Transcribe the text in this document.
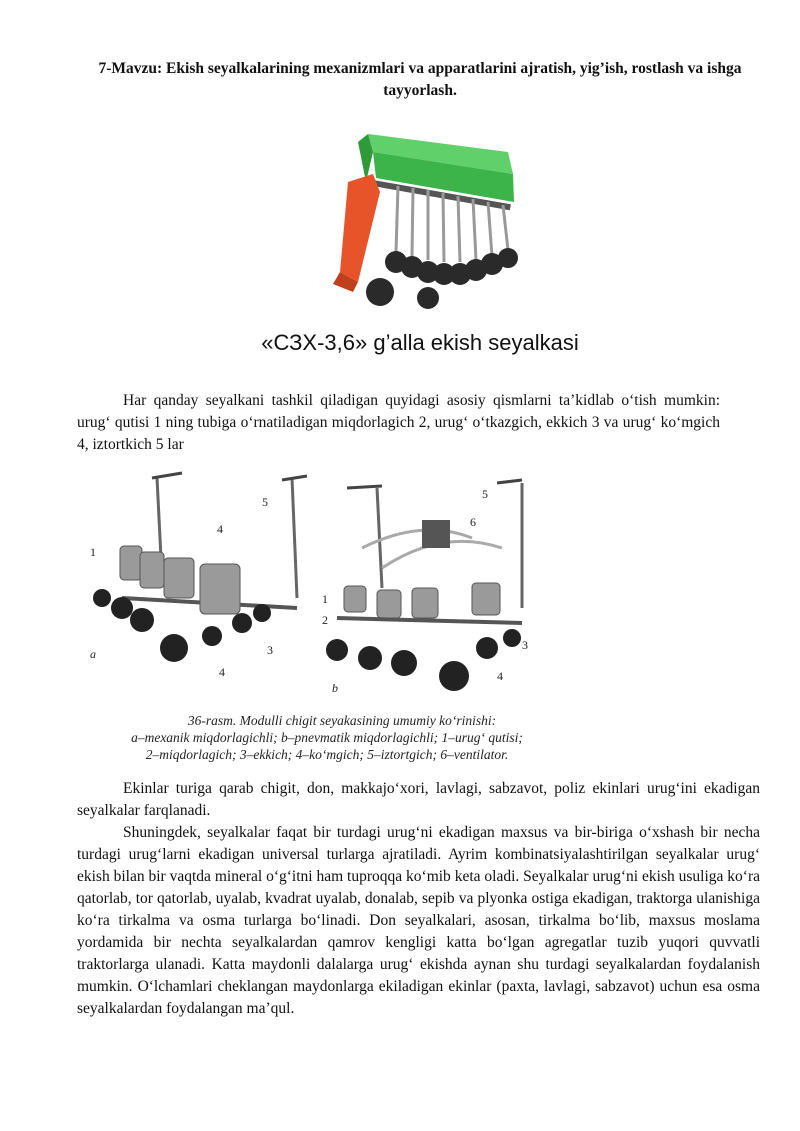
7-Mavzu: Ekish seyalkalarining mexanizmlari va apparatlarini ajratish, yig’ish, rostlash va ishga tayyorlash.
«СЗХ-3,6» g’alla ekish seyalkasi
Har qanday seyalkani tashkil qiladigan quyidagi asosiy qismlarni ta’kidlab o‘tish mumkin: urug‘ qutisi 1 ning tubiga o‘rnatiladigan miqdorlagich 2, urug‘ o‘tkazgich, ekkich 3 va urug‘ ko‘mgich 4, iztortkich 5 lar
1
5
4
3
4
a
5
6
1
2
3
4
b
36-rasm. Modulli chigit seyakasining umumiy ko‘rinishi:
a–mexanik miqdorlagichli; b–pnevmatik miqdorlagichli; 1–urug‘ qutisi;
2–miqdorlagich; 3–ekkich; 4–ko‘mgich; 5–iztortgich; 6–ventilator.

Ekinlar turiga qarab chigit, don, makkajo‘xori, lavlagi, sabzavot, poliz ekinlari urug‘ini ekadigan seyalkalar farqlanadi.

Shuningdek, seyalkalar faqat bir turdagi urug‘ni ekadigan maxsus va bir-biriga o‘xshash bir necha turdagi urug‘larni ekadigan universal turlarga ajratiladi. Ayrim kombinatsiyalashtirilgan seyalkalar urug‘ ekish bilan bir vaqtda mineral o‘g‘itni ham tuproqqa ko‘mib keta oladi. Seyalkalar urug‘ni ekish usuliga ko‘ra qatorlab, tor qatorlab, uyalab, kvadrat uyalab, donalab, sepib va plyonka ostiga ekadigan, traktorga ulanishiga ko‘ra tirkalma va osma turlarga bo‘linadi. Don seyalkalari, asosan, tirkalma bo‘lib, maxsus moslama yordamida bir nechta seyalkalardan qamrov kengligi katta bo‘lgan agregatlar tuzib yuqori quvvatli traktorlarga ulanadi. Katta maydonli dalalarga urug‘ ekishda aynan shu turdagi seyalkalardan foydalanish mumkin. O‘lchamlari cheklangan maydonlarga ekiladigan ekinlar (paxta, lavlagi, sabzavot) uchun esa osma seyalkalardan foydalangan ma’qul.
